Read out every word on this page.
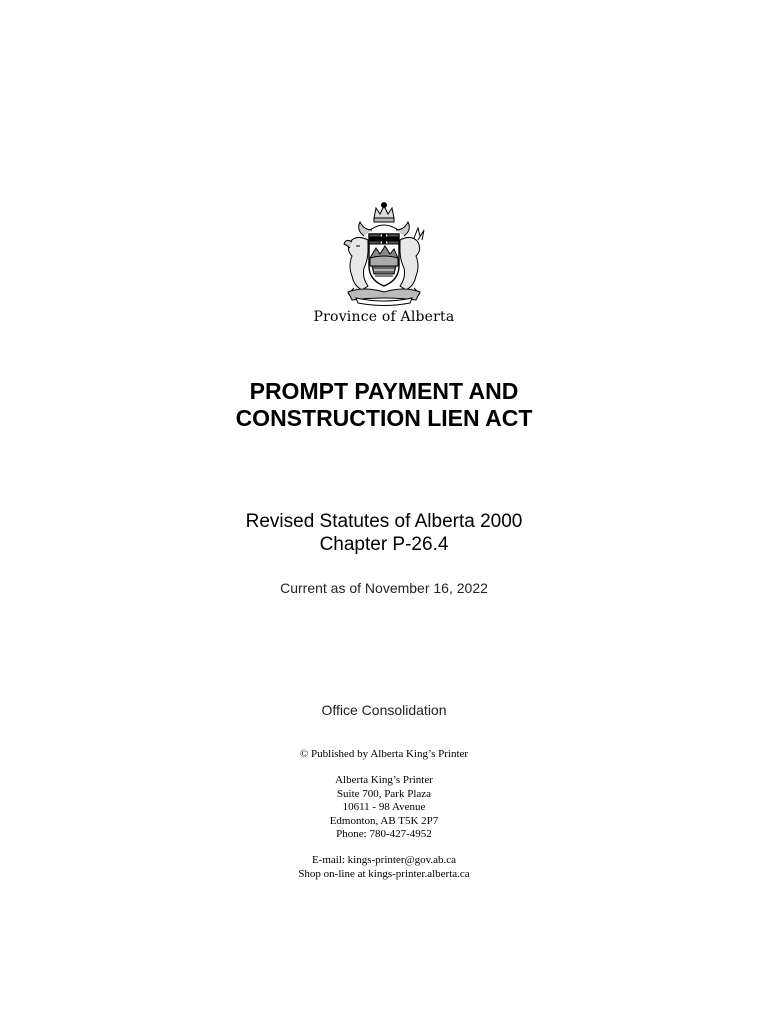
Province of Alberta
PROMPT PAYMENT AND
CONSTRUCTION LIEN ACT
Revised Statutes of Alberta 2000
Chapter P-26.4
Current as of November 16, 2022
Office Consolidation
© Published by Alberta King’s Printer
Alberta King’s Printer
Suite 700, Park Plaza
10611 - 98 Avenue
Edmonton, AB T5K 2P7
Phone: 780-427-4952
E-mail: kings-printer@gov.ab.ca
Shop on-line at kings-printer.alberta.ca
